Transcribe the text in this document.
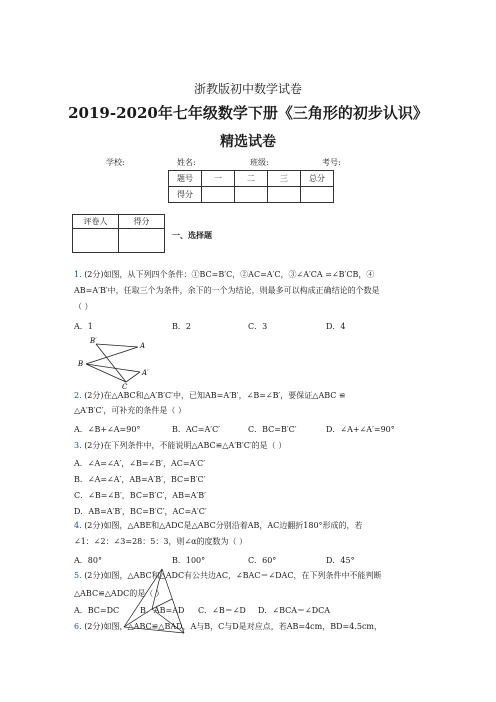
浙教版初中数学试卷
2019-2020年七年级数学下册《三角形的初步认识》
精选试卷
学校:	姓名:	班级:	考号:
题号	一	二	三	总分
得分				
评卷人	得分

一、选择题
1. (2分)如图，从下列四个条件：①BC=B′C，②AC=A′C，③∠A′CA =∠B′CB，④
AB=A′B′中，任取三个为条件，余下的一个为结论，则最多可以构成正确结论的个数是
（ ）
A．1	B．2	C．3	D．4
B′
A
B
A′
C
2. (2分)在△ABC和△A′B′C′中，已知AB=A′B′，∠B=∠B′，要保证△ABC ≌
△A′B′C′，可补充的条件是（ ）
A．∠B+∠A=90°	B．AC=A′C′	C．BC=B′C′	D．∠A+∠A′=90°
3. (2分)在下列条件中，不能说明△ABC≌△A′B′C′的是（ ）
A．∠A=∠A′，∠B=∠B′，AC=A′C′
B．∠A=∠A′，AB=A′B′，BC=B′C′
C．∠B=∠B′，BC=B′C′，AB=A′B′
D．AB=A′B′，BC=B′C′，AC=A′C′
4. (2分)如图，△ABE和△ADC是△ABC分别沿着AB，AC边翻折180°形成的，若
∠1：∠2：∠3=28：5：3，则∠α的度数为（ ）
A．80°	B．100°	C．60°	D．45°
5. (2分)如图，△ABC和△ADC有公共边AC，∠BAC＝∠DAC，在下列条件中不能判断
△ABC≌△ADC的是（ ）
A．BC=DC	B．AB=AD C．∠B＝∠D D．∠BCA＝∠DCA
6. (2分)如图，△ABC≌△BAD，A与B，C与D是对应点，若AB=4cm，BD=4.5cm，
